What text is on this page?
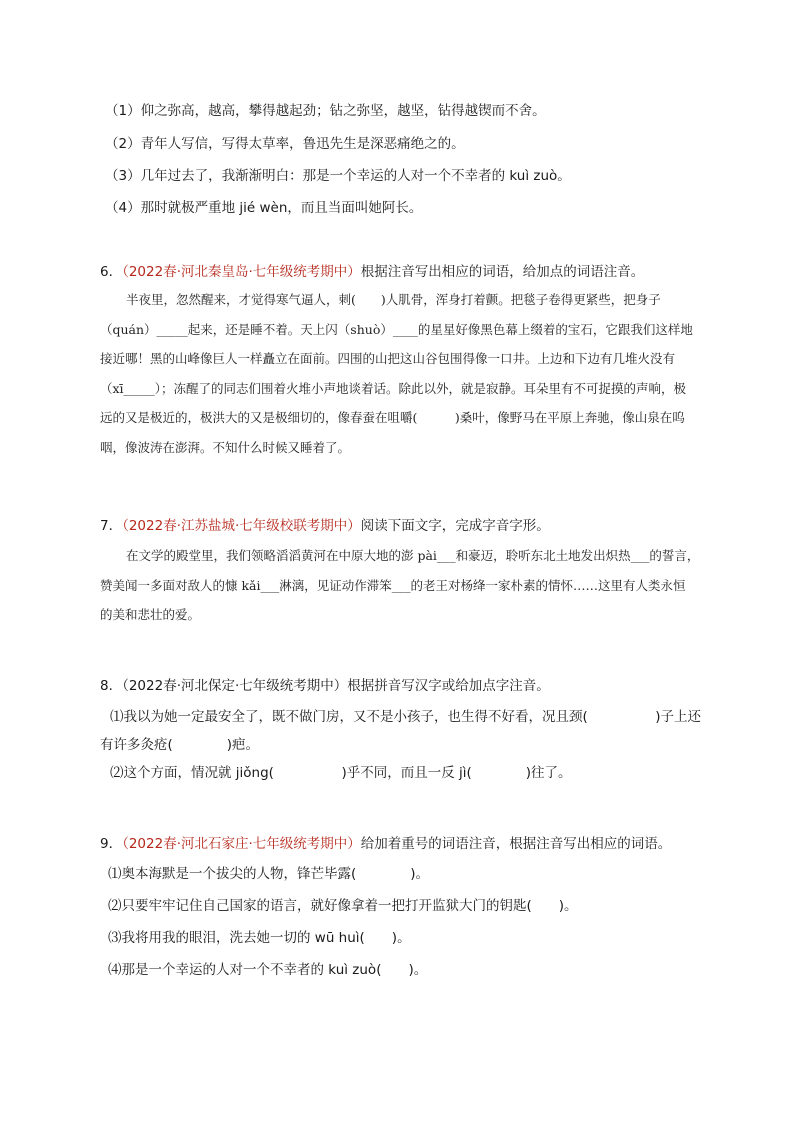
（1）仰之弥高，越高，攀得越起劲；钻之弥坚，越坚，钻得越锲而不舍。
（2）青年人写信，写得太草率，鲁迅先生是深恶痛绝之的。
（3）几年过去了，我渐渐明白：那是一个幸运的人对一个不幸者的 kuì zuò。
（4）那时就极严重地 jié wèn，而且当面叫她阿长。
6．（2022春·河北秦皇岛·七年级统考期中）根据注音写出相应的词语，给加点的词语注音。

半夜里，忽然醒来，才觉得寒气逼人，刺(　　)人肌骨，浑身打着颤。把毯子卷得更紧些，把身子

（quán）_____起来，还是睡不着。天上闪（shuò）____的星星好像黑色幕上缀着的宝石，它跟我们这样地

接近哪！黑的山峰像巨人一样矗立在面前。四围的山把这山谷包围得像一口井。上边和下边有几堆火没有

（xī_____）；冻醒了的同志们围着火堆小声地谈着话。除此以外，就是寂静。耳朵里有不可捉摸的声响，极

远的又是极近的，极洪大的又是极细切的，像春蚕在咀嚼(　　　)桑叶，像野马在平原上奔驰，像山泉在呜

咽，像波涛在澎湃。不知什么时候又睡着了。

7．（2022春·江苏盐城·七年级校联考期中）阅读下面文字，完成字音字形。

在文学的殿堂里，我们领略滔滔黄河在中原大地的澎 pài___和豪迈，聆听东北土地发出炽热___的誓言，

赞美闻一多面对敌人的慷 kǎi___淋漓，见证动作滞笨___的老王对杨绛一家朴素的情怀……这里有人类永恒

的美和悲壮的爱。

8．（2022春·河北保定·七年级统考期中）根据拼音写汉字或给加点字注音。

⑴我以为她一定最安全了，既不做门房，又不是小孩子，也生得不好看，况且颈(　　　　　)子上还

有许多灸疮(　　　　)疤。

⑵这个方面，情况就 jiǒng(　　　　　)乎不同，而且一反 jì(　　　　)往了。

9．（2022春·河北石家庄·七年级统考期中）给加着重号的词语注音，根据注音写出相应的词语。
⑴奥本海默是一个拔尖的人物，锋芒毕露(　　　　)。
⑵只要牢牢记住自己国家的语言，就好像拿着一把打开监狱大门的钥匙(　　)。
⑶我将用我的眼泪，洗去她一切的 wū huì(　　)。
⑷那是一个幸运的人对一个不幸者的 kuì zuò(　　)。
